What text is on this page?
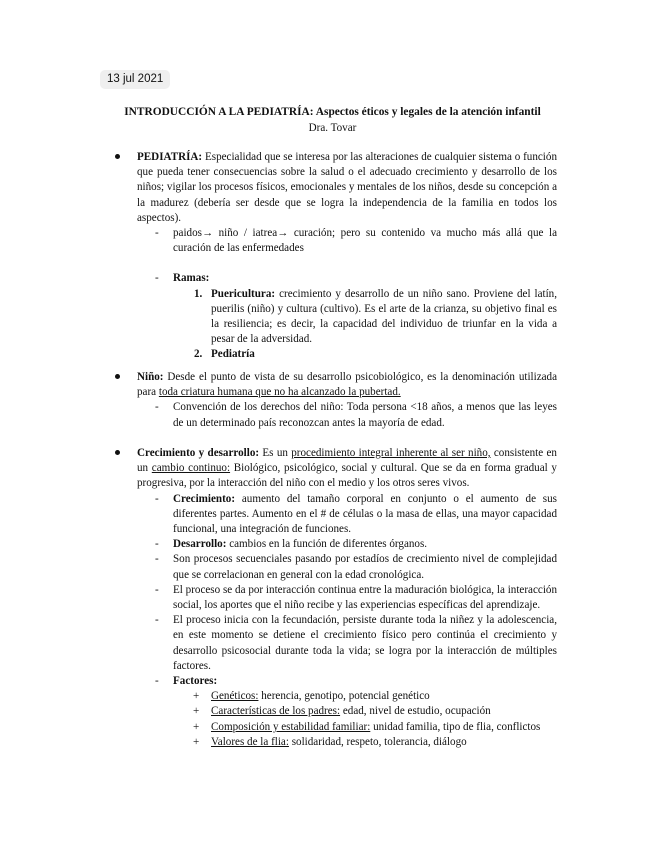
13 jul 2021
INTRODUCCIÓN A LA PEDIATRÍA: Aspectos éticos y legales de la atención infantil
Dra. Tovar
PEDIATRÍA: Especialidad que se interesa por las alteraciones de cualquier sistema o función que pueda tener consecuencias sobre la salud o el adecuado crecimiento y desarrollo de los niños; vigilar los procesos físicos, emocionales y mentales de los niños, desde su concepción a la madurez (debería ser desde que se logra la independencia de la familia en todos los aspectos).
- paidos→ niño / iatrea→ curación; pero su contenido va mucho más allá que la curación de las enfermedades
- Ramas:
1. Puericultura: crecimiento y desarrollo de un niño sano. Proviene del latín, puerilis (niño) y cultura (cultivo). Es el arte de la crianza, su objetivo final es la resiliencia; es decir, la capacidad del individuo de triunfar en la vida a pesar de la adversidad.
2. Pediatría
Niño: Desde el punto de vista de su desarrollo psicobiológico, es la denominación utilizada para toda criatura humana que no ha alcanzado la pubertad.
- Convención de los derechos del niño: Toda persona <18 años, a menos que las leyes de un determinado país reconozcan antes la mayoría de edad.
Crecimiento y desarrollo: Es un procedimiento integral inherente al ser niño, consistente en un cambio continuo: Biológico, psicológico, social y cultural. Que se da en forma gradual y progresiva, por la interacción del niño con el medio y los otros seres vivos.
- Crecimiento: aumento del tamaño corporal en conjunto o el aumento de sus diferentes partes. Aumento en el # de células o la masa de ellas, una mayor capacidad funcional, una integración de funciones.
- Desarrollo: cambios en la función de diferentes órganos.
- Son procesos secuenciales pasando por estadíos de crecimiento nivel de complejidad que se correlacionan en general con la edad cronológica.
- El proceso se da por interacción continua entre la maduración biológica, la interacción social, los aportes que el niño recibe y las experiencias específicas del aprendizaje.
- El proceso inicia con la fecundación, persiste durante toda la niñez y la adolescencia, en este momento se detiene el crecimiento físico pero continúa el crecimiento y desarrollo psicosocial durante toda la vida; se logra por la interacción de múltiples factores.
- Factores:
+ Genéticos: herencia, genotipo, potencial genético
+ Características de los padres: edad, nivel de estudio, ocupación
+ Composición y estabilidad familiar: unidad familia, tipo de flia, conflictos
+ Valores de la flia: solidaridad, respeto, tolerancia, diálogo
